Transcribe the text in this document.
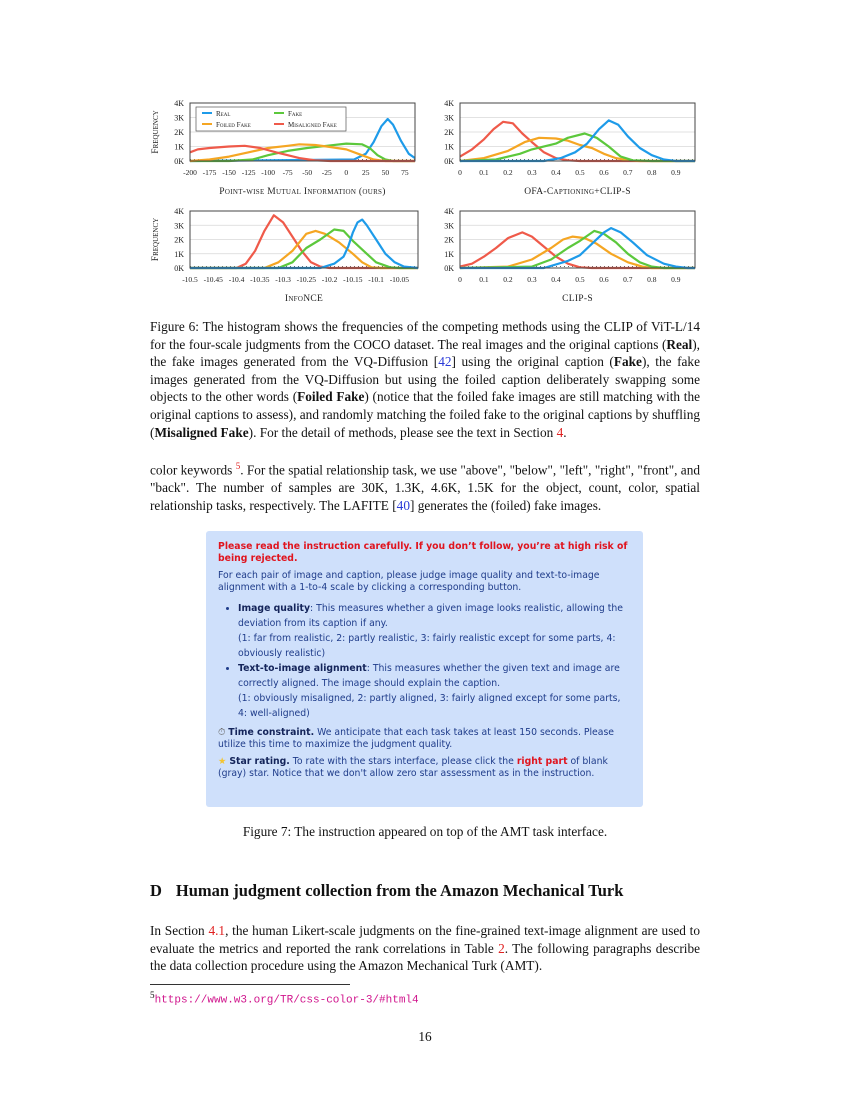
0K
1K
2K
3K
4K
-200 -175 -150 -125 -100 -75 -50 -25 0 25 50 75
Point-wise Mutual Information (ours)
Frequency	Real	Fake
Foiled Fake	Misaligned Fake
0K
1K
2K
3K
4K
0 0.1 0.2 0.3 0.4 0.5 0.6 0.7 0.8 0.9
OFA-Captioning+CLIP-S
0K
1K
2K
3K
4K
-10.5 -10.45 -10.4 -10.35 -10.3 -10.25 -10.2 -10.15 -10.1 -10.05
InfoNCE
Frequency
0K
1K
2K
3K
4K
0 0.1 0.2 0.3 0.4 0.5 0.6 0.7 0.8 0.9
CLIP-S
Figure 6: The histogram shows the frequencies of the competing methods using the CLIP of ViT-L/14 for the four-scale judgments from the COCO dataset. The real images and the original captions (Real), the fake images generated from the VQ-Diffusion [42] using the original caption (Fake), the fake images generated from the VQ-Diffusion but using the foiled caption deliberately swapping some objects to the other words (Foiled Fake) (notice that the foiled fake images are still matching with the original captions to assess), and randomly matching the foiled fake to the original captions by shuffling (Misaligned Fake). For the detail of methods, please see the text in Section 4.
color keywords $^5$. For the spatial relationship task, we use "above", "below", "left", "right", "front", and "back". The number of samples are 30K, 1.3K, 4.6K, 1.5K for the object, count, color, spatial relationship tasks, respectively. The LAFITE [40] generates the (foiled) fake images.
Please read the instruction carefully. If you don’t follow, you’re at high risk of being rejected.

For each pair of image and caption, please judge image quality and text-to-image alignment with a 1-to-4 scale by clicking a corresponding button.

• Image quality: This measures whether a given image looks realistic, allowing the deviation from its caption if any.
(1: far from realistic, 2: partly realistic, 3: fairly realistic except for some parts, 4: obviously realistic)
• Text-to-image alignment: This measures whether the given text and image are correctly aligned. The image should explain the caption.
(1: obviously misaligned, 2: partly aligned, 3: fairly aligned except for some parts, 4: well-aligned)

⏱ Time constraint. We anticipate that each task takes at least 150 seconds. Please utilize this time to maximize the judgment quality.

★ Star rating. To rate with the stars interface, please click the right part of blank (gray) star. Notice that we don't allow zero star assessment as in the instruction.

Figure 7: The instruction appeared on top of the AMT task interface.
D Human judgment collection from the Amazon Mechanical Turk
In Section 4.1, the human Likert-scale judgments on the fine-grained text-image alignment are used to evaluate the metrics and reported the rank correlations in Table 2. The following paragraphs describe the data collection procedure using the Amazon Mechanical Turk (AMT).
$^5$https://www.w3.org/TR/css-color-3/#html4
16
